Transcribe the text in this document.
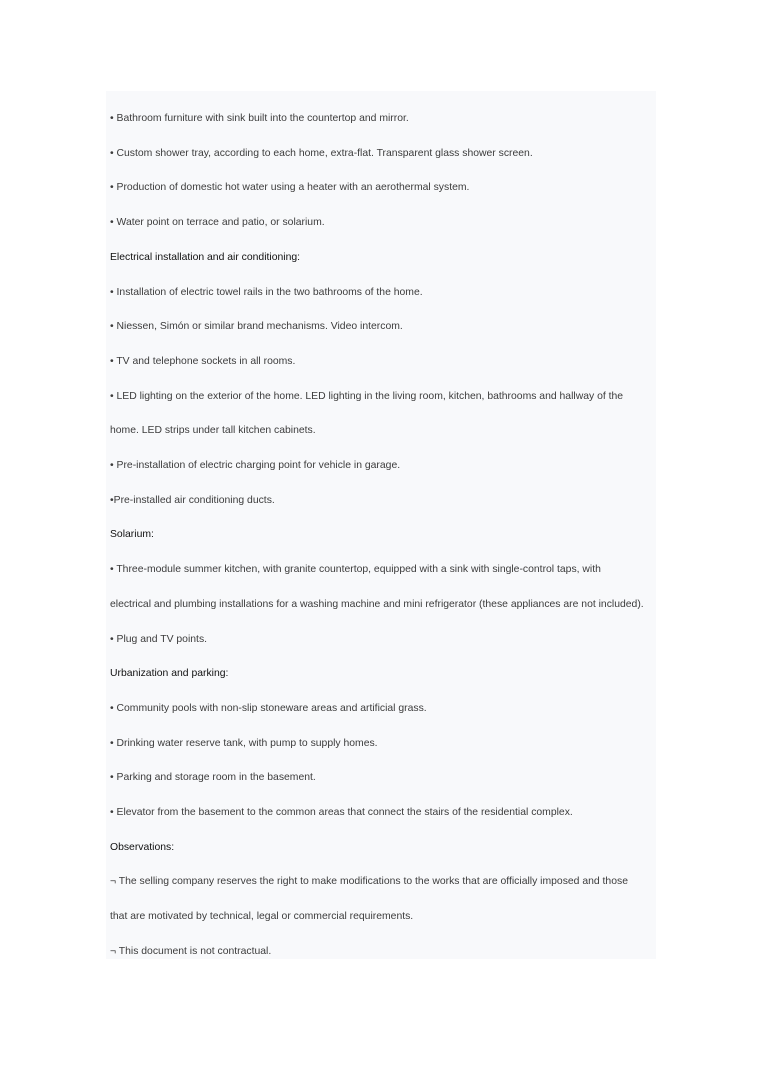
• Bathroom furniture with sink built into the countertop and mirror.
• Custom shower tray, according to each home, extra-flat. Transparent glass shower screen.
• Production of domestic hot water using a heater with an aerothermal system.
• Water point on terrace and patio, or solarium.
Electrical installation and air conditioning:
• Installation of electric towel rails in the two bathrooms of the home.
• Niessen, Simón or similar brand mechanisms. Video intercom.
• TV and telephone sockets in all rooms.
• LED lighting on the exterior of the home. LED lighting in the living room, kitchen, bathrooms and hallway of the
home. LED strips under tall kitchen cabinets.
• Pre-installation of electric charging point for vehicle in garage.
•Pre-installed air conditioning ducts.
Solarium:
• Three-module summer kitchen, with granite countertop, equipped with a sink with single-control taps, with
electrical and plumbing installations for a washing machine and mini refrigerator (these appliances are not included).
• Plug and TV points.
Urbanization and parking:
• Community pools with non-slip stoneware areas and artificial grass.
• Drinking water reserve tank, with pump to supply homes.
• Parking and storage room in the basement.
• Elevator from the basement to the common areas that connect the stairs of the residential complex.
Observations:
¬ The selling company reserves the right to make modifications to the works that are officially imposed and those
that are motivated by technical, legal or commercial requirements.
¬ This document is not contractual.
